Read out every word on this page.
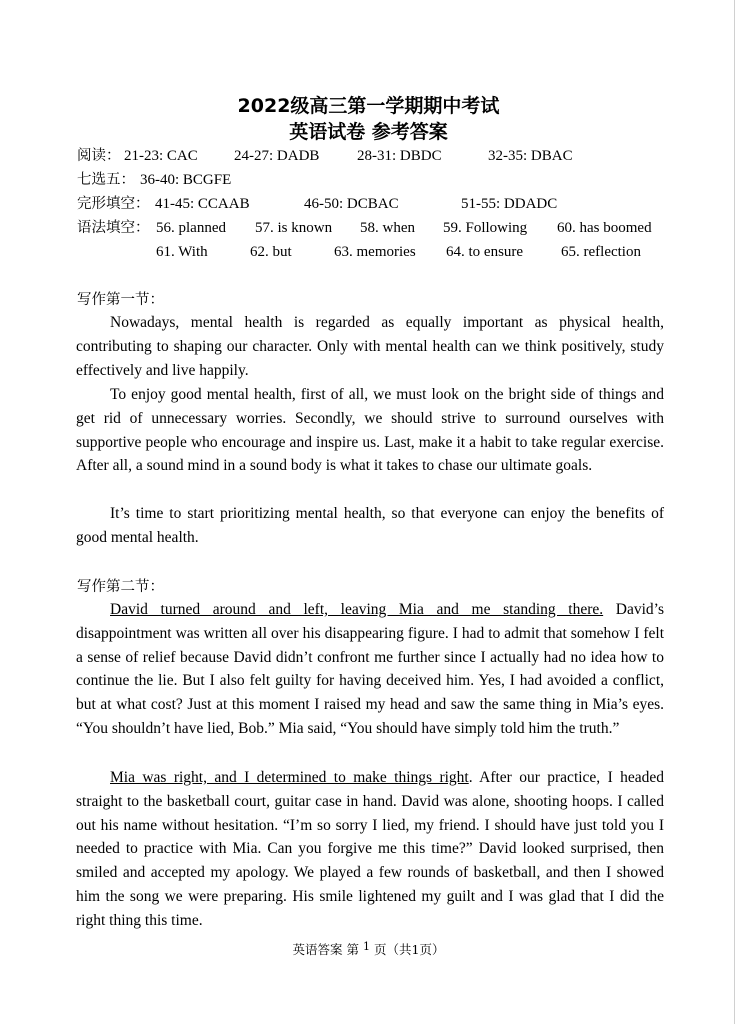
2022级高三第一学期期中考试
英语试卷 参考答案
阅读： 21-23: CAC 24-27: DADB	28-31: DBDC	32-35: DBAC
七选五： 36-40: BCGFE
完形填空： 41-45: CCAAB	46-50: DCBAC	51-55: DDADC
语法填空： 56. planned 57. is known 58. when 59. Following 60. has boomed
61. With	62. but	63. memories 64. to ensure	65. reflection
写作第一节：

Nowadays, mental health is regarded as equally important as physical health, contributing to shaping our character. Only with mental health can we think positively, study effectively and live happily.

To enjoy good mental health, first of all, we must look on the bright side of things and get rid of unnecessary worries. Secondly, we should strive to surround ourselves with supportive people who encourage and inspire us. Last, make it a habit to take regular exercise. After all, a sound mind in a sound body is what it takes to chase our ultimate goals.

It’s time to start prioritizing mental health, so that everyone can enjoy the benefits of good mental health.

写作第二节：

David turned around and left, leaving Mia and me standing there. David’s disappointment was written all over his disappearing figure. I had to admit that somehow I felt a sense of relief because David didn’t confront me further since I actually had no idea how to continue the lie. But I also felt guilty for having deceived him. Yes, I had avoided a conflict, but at what cost? Just at this moment I raised my head and saw the same thing in Mia’s eyes. “You shouldn’t have lied, Bob.” Mia said, “You should have simply told him the truth.”

Mia was right, and I determined to make things right. After our practice, I headed straight to the basketball court, guitar case in hand. David was alone, shooting hoops. I called out his name without hesitation. “I’m so sorry I lied, my friend. I should have just told you I needed to practice with Mia. Can you forgive me this time?” David looked surprised, then smiled and accepted my apology. We played a few rounds of basketball, and then I showed him the song we were preparing. His smile lightened my guilt and I was glad that I did the right thing this time.

英语答案 第 $^1$ 页（共1页）
